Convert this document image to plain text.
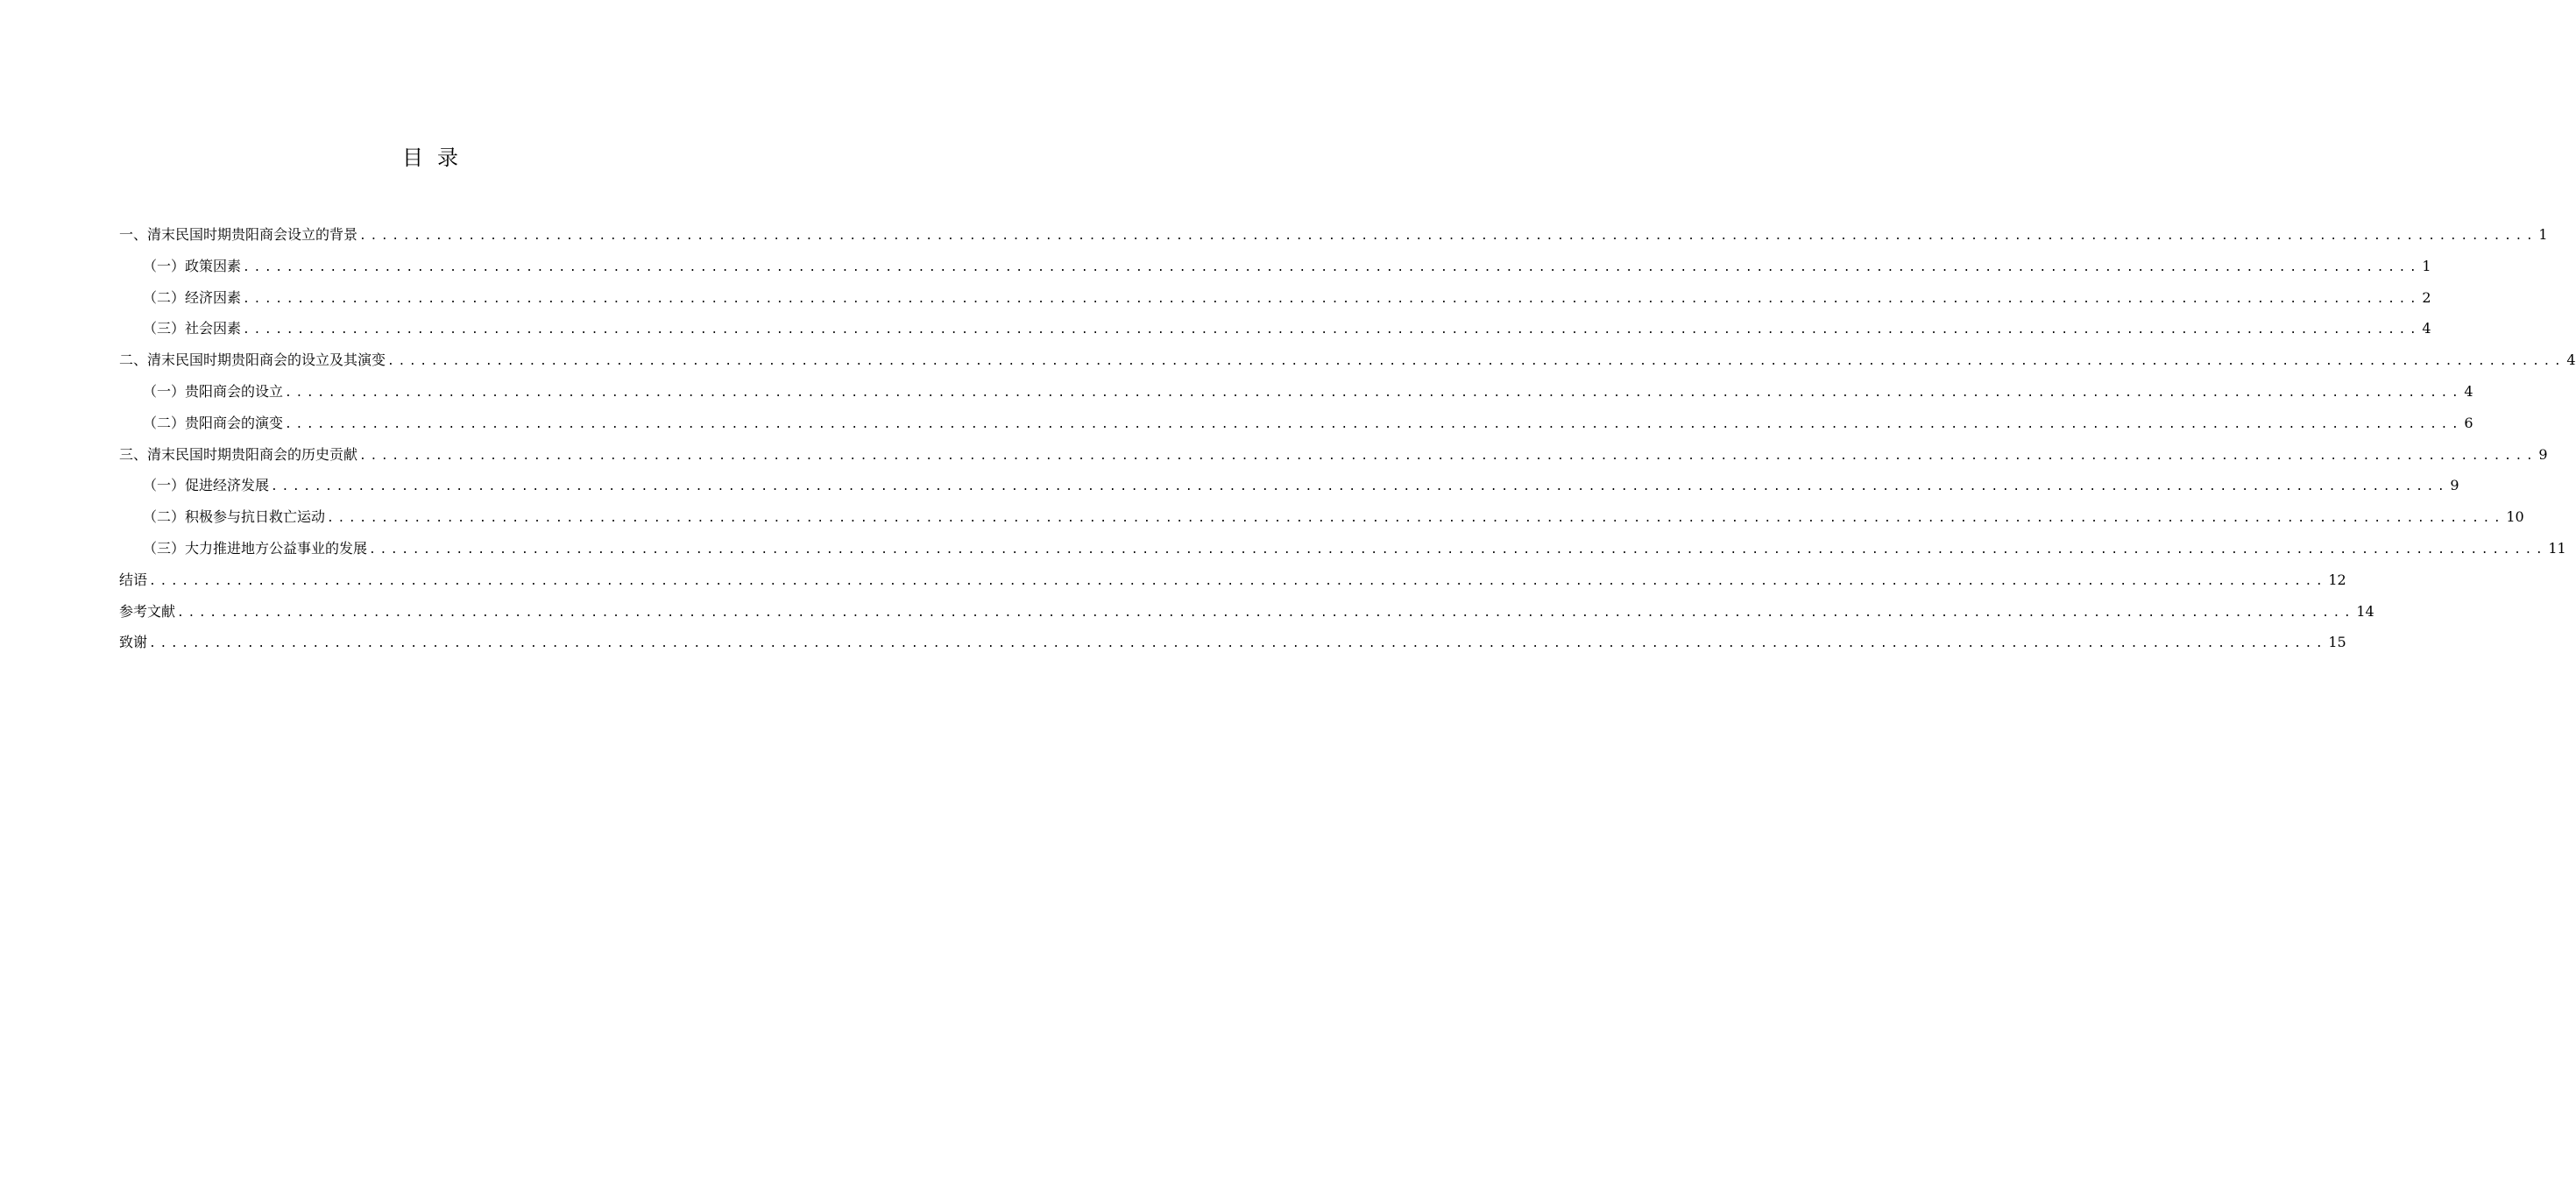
目录
一、清末民国时期贵阳商会设立的背景 ........................................................................................................................................................................................................ 1
（一）政策因素 ........................................................................................................................................................................................................ 1
（二）经济因素 ........................................................................................................................................................................................................ 2
（三）社会因素 ........................................................................................................................................................................................................ 4
二、清末民国时期贵阳商会的设立及其演变 ........................................................................................................................................................................................................ 4
（一）贵阳商会的设立 ........................................................................................................................................................................................................ 4
（二）贵阳商会的演变 ........................................................................................................................................................................................................ 6
三、清末民国时期贵阳商会的历史贡献 ........................................................................................................................................................................................................ 9
（一）促进经济发展 ........................................................................................................................................................................................................ 9
（二）积极参与抗日救亡运动 ........................................................................................................................................................................................................ 10
（三）大力推进地方公益事业的发展 ........................................................................................................................................................................................................ 11
结语 ........................................................................................................................................................................................................ 12
参考文献 ........................................................................................................................................................................................................ 14
致谢 ........................................................................................................................................................................................................ 15
